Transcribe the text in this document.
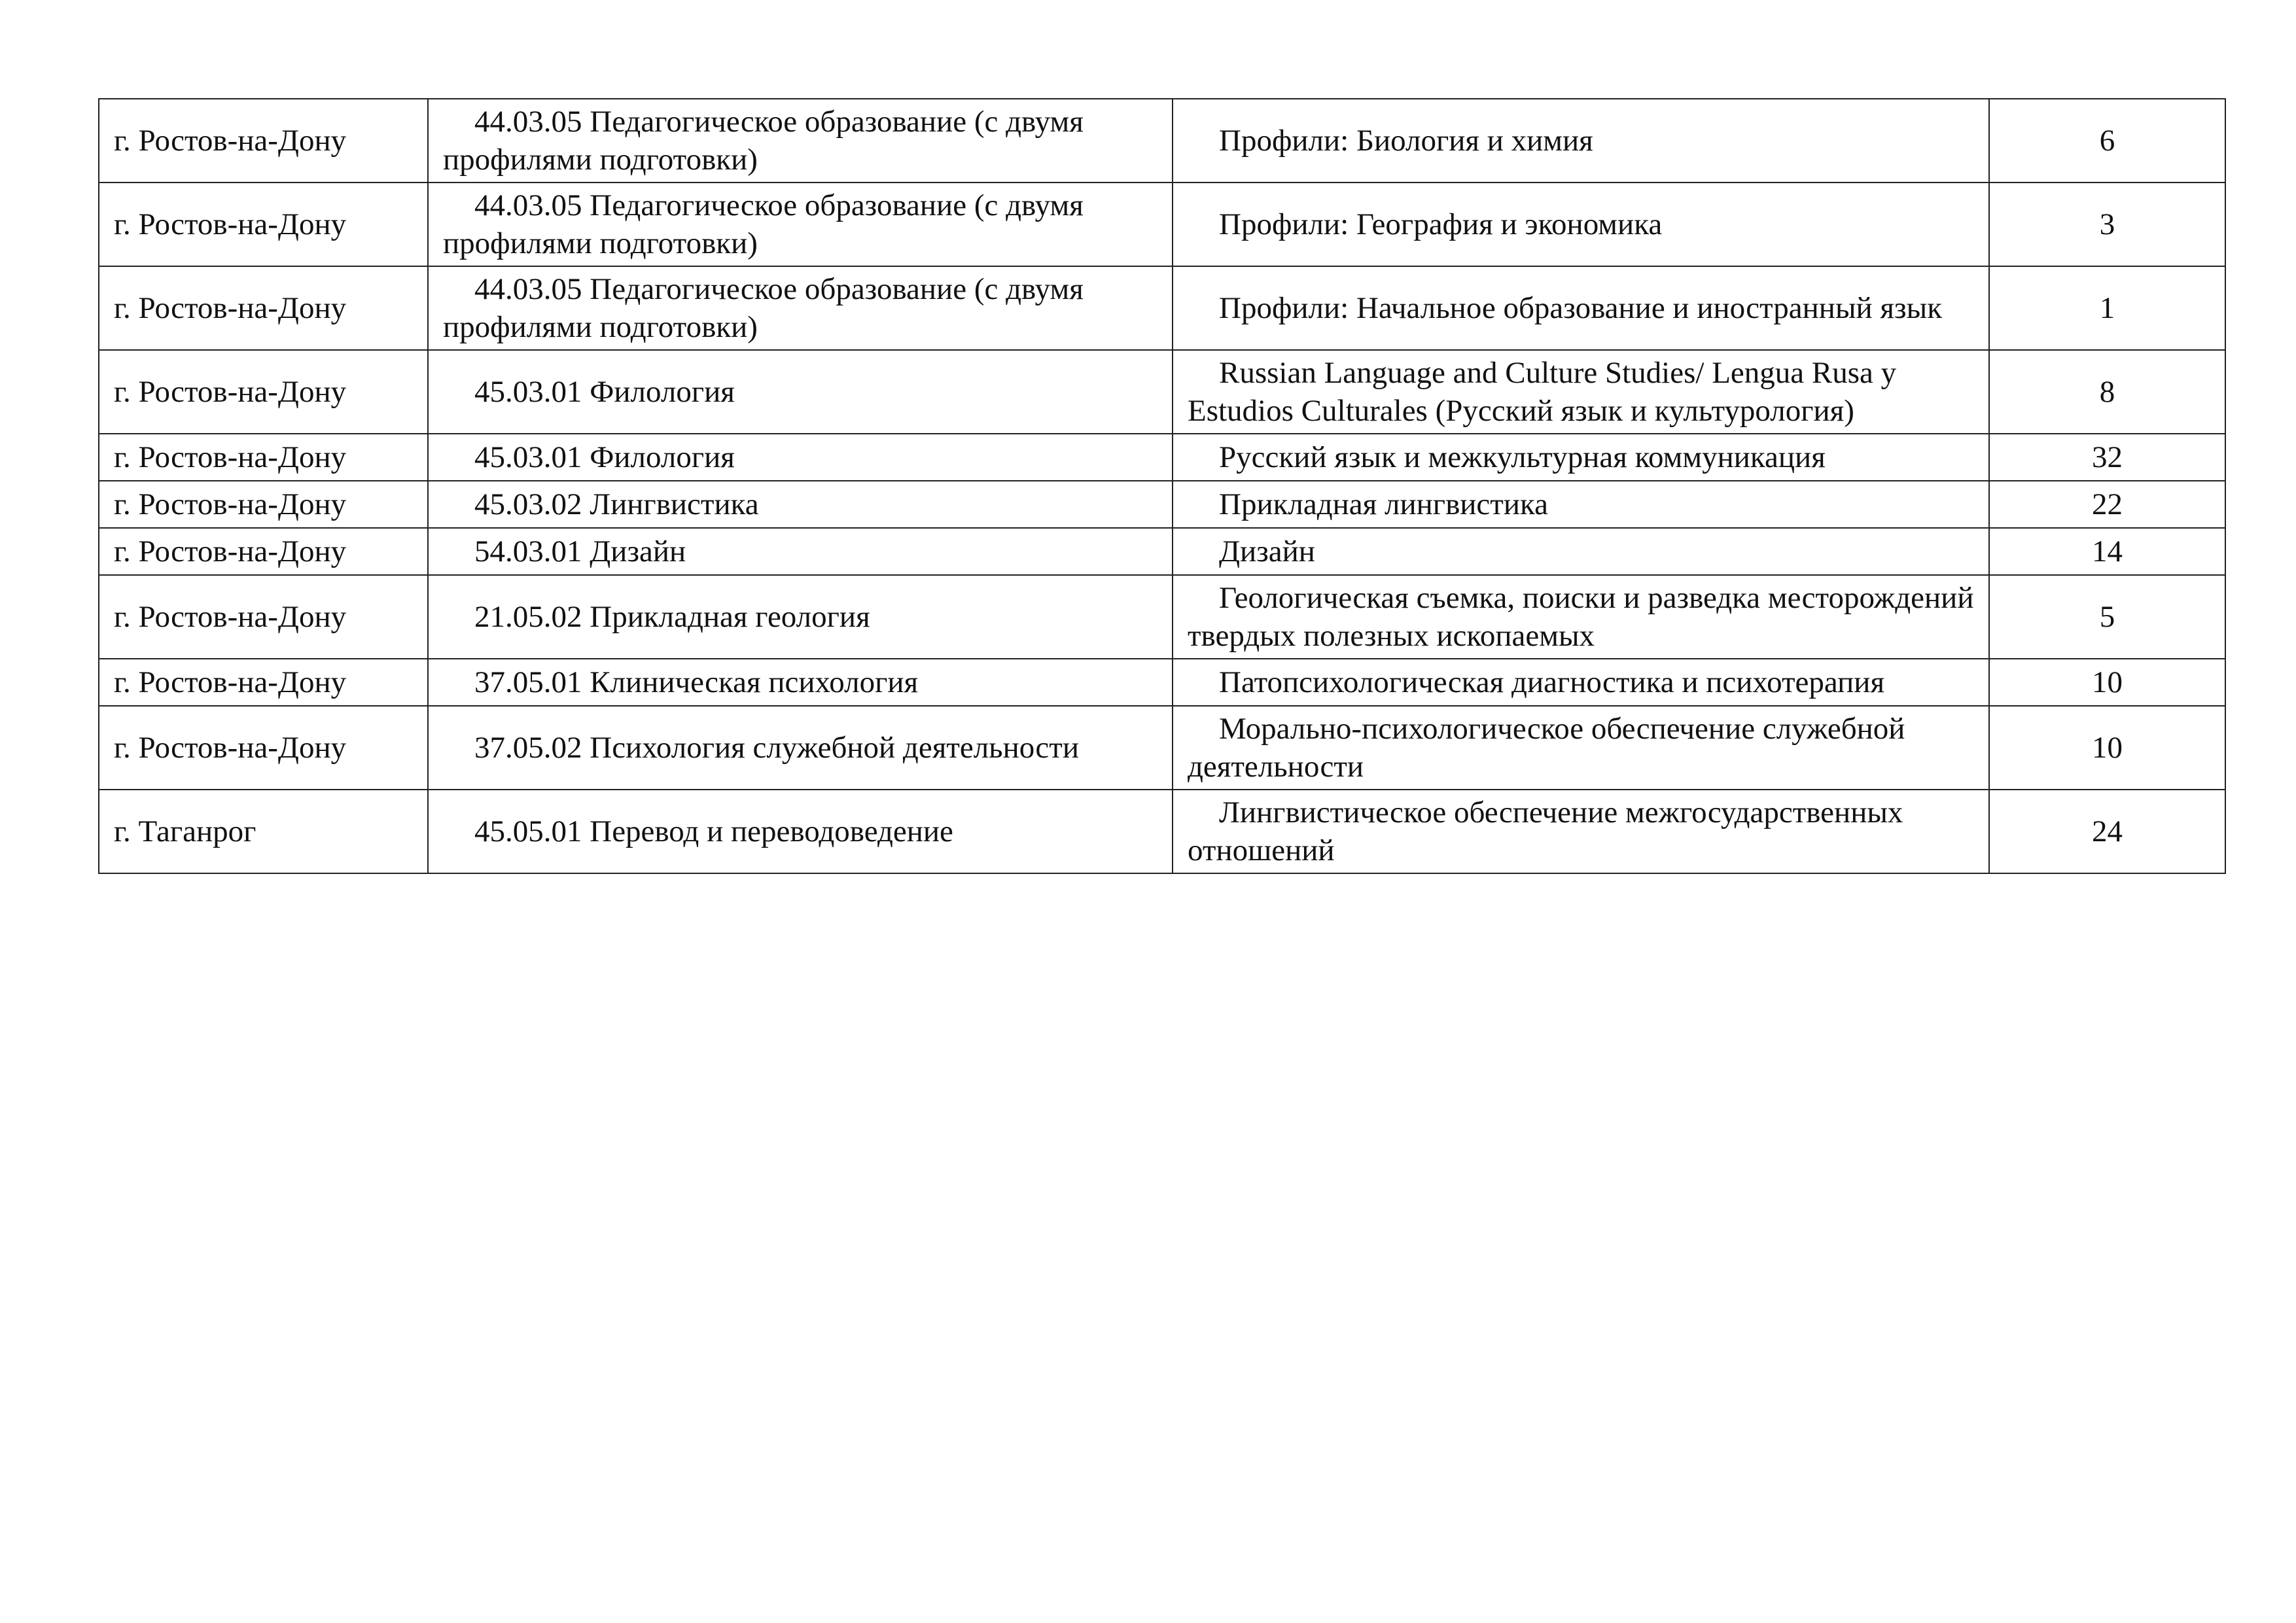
г. Ростов-на-Дону	44.03.05 Педагогическое образование (с двумя профилями подготовки)	Профили: Биология и химия	6
г. Ростов-на-Дону	44.03.05 Педагогическое образование (с двумя профилями подготовки)	Профили: География и экономика	3
г. Ростов-на-Дону	44.03.05 Педагогическое образование (с двумя профилями подготовки)	Профили: Начальное образование и иностранный язык	1
г. Ростов-на-Дону	45.03.01 Филология	Russian Language and Culture Studies/ Lengua Rusa y Estudios Culturales (Русский язык и культурология)	8
г. Ростов-на-Дону	45.03.01 Филология	Русский язык и межкультурная коммуникация	32
г. Ростов-на-Дону	45.03.02 Лингвистика	Прикладная лингвистика	22
г. Ростов-на-Дону	54.03.01 Дизайн	Дизайн	14
г. Ростов-на-Дону	21.05.02 Прикладная геология	Геологическая съемка, поиски и разведка месторождений твердых полезных ископаемых	5
г. Ростов-на-Дону	37.05.01 Клиническая психология	Патопсихологическая диагностика и психотерапия	10
г. Ростов-на-Дону	37.05.02 Психология служебной деятельности	Морально-психологическое обеспечение служебной деятельности	10
г. Таганрог	45.05.01 Перевод и переводоведение	Лингвистическое обеспечение межгосударственных отношений	24
